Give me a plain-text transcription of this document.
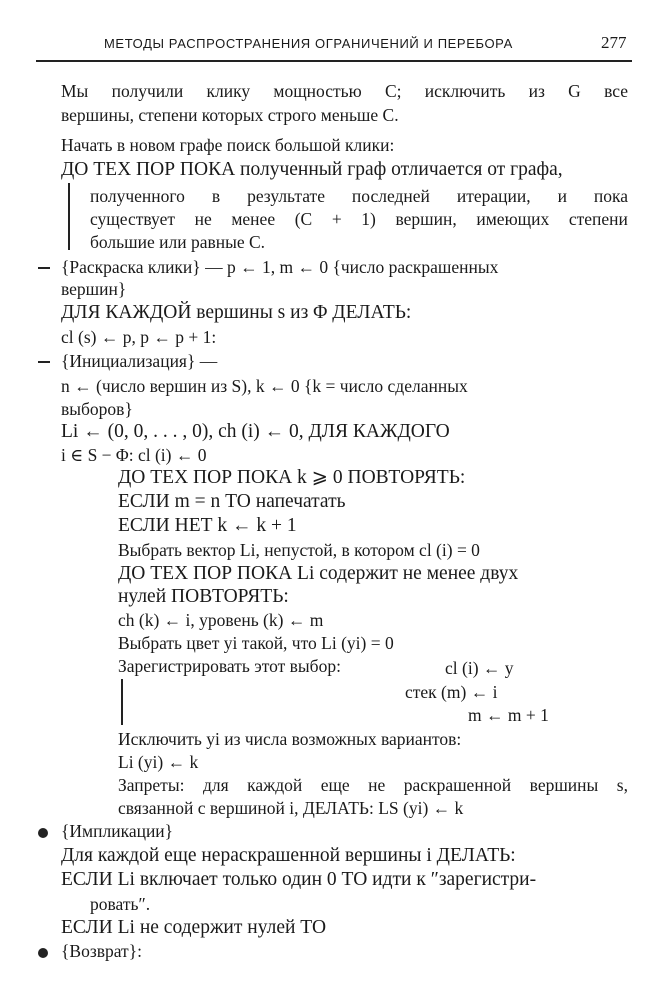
МЕТОДЫ РАСПРОСТРАНЕНИЯ ОГРАНИЧЕНИЙ И ПЕРЕБОРА	277
Мы получили клику мощностью C; исключить из G все
вершины, степени которых строго меньше C.
Начать в новом графе поиск большой клики:
ДО ТЕХ ПОР ПОКА полученный граф отличается от графа,
полученного в результате последней итерации, и пока
существует не менее (C + 1) вершин, имеющих степени
большие или равные C.
{Раскраска клики} — p ← 1, m ← 0 {число раскрашенных
вершин}
ДЛЯ КАЖДОЙ вершины s из Φ ДЕЛАТЬ:
cl (s) ← p, p ← p + 1:
{Инициализация} —
n ← (число вершин из S), k ← 0 {k = число сделанных
выборов}
Li ← (0, 0, . . . , 0), ch (i) ← 0, ДЛЯ КАЖДОГО
i ∈ S − Φ: cl (i) ← 0
ДО ТЕХ ПОР ПОКА k ⩾ 0 ПОВТОРЯТЬ:
ЕСЛИ m = n ТО напечатать
ЕСЛИ НЕТ k ← k + 1
Выбрать вектор Li, непустой, в котором cl (i) = 0
ДО ТЕХ ПОР ПОКА Li содержит не менее двух
нулей ПОВТОРЯТЬ:
ch (k) ← i, уровень (k) ← m
Выбрать цвет yi такой, что Li (yi) = 0
Зарегистрировать этот выбор:	cl (i) ← y
стек (m) ← i
m ← m + 1
Исключить yi из числа возможных вариантов:
Li (yi) ← k
Запреты: для каждой еще не раскрашенной вершины s,
связанной с вершиной i, ДЕЛАТЬ: LS (yi) ← k
{Импликации}
Для каждой еще нераскрашенной вершины i ДЕЛАТЬ:
ЕСЛИ Li включает только один 0 ТО идти к ″зарегистри-
ровать″.
ЕСЛИ Li не содержит нулей ТО
{Возврат}:
